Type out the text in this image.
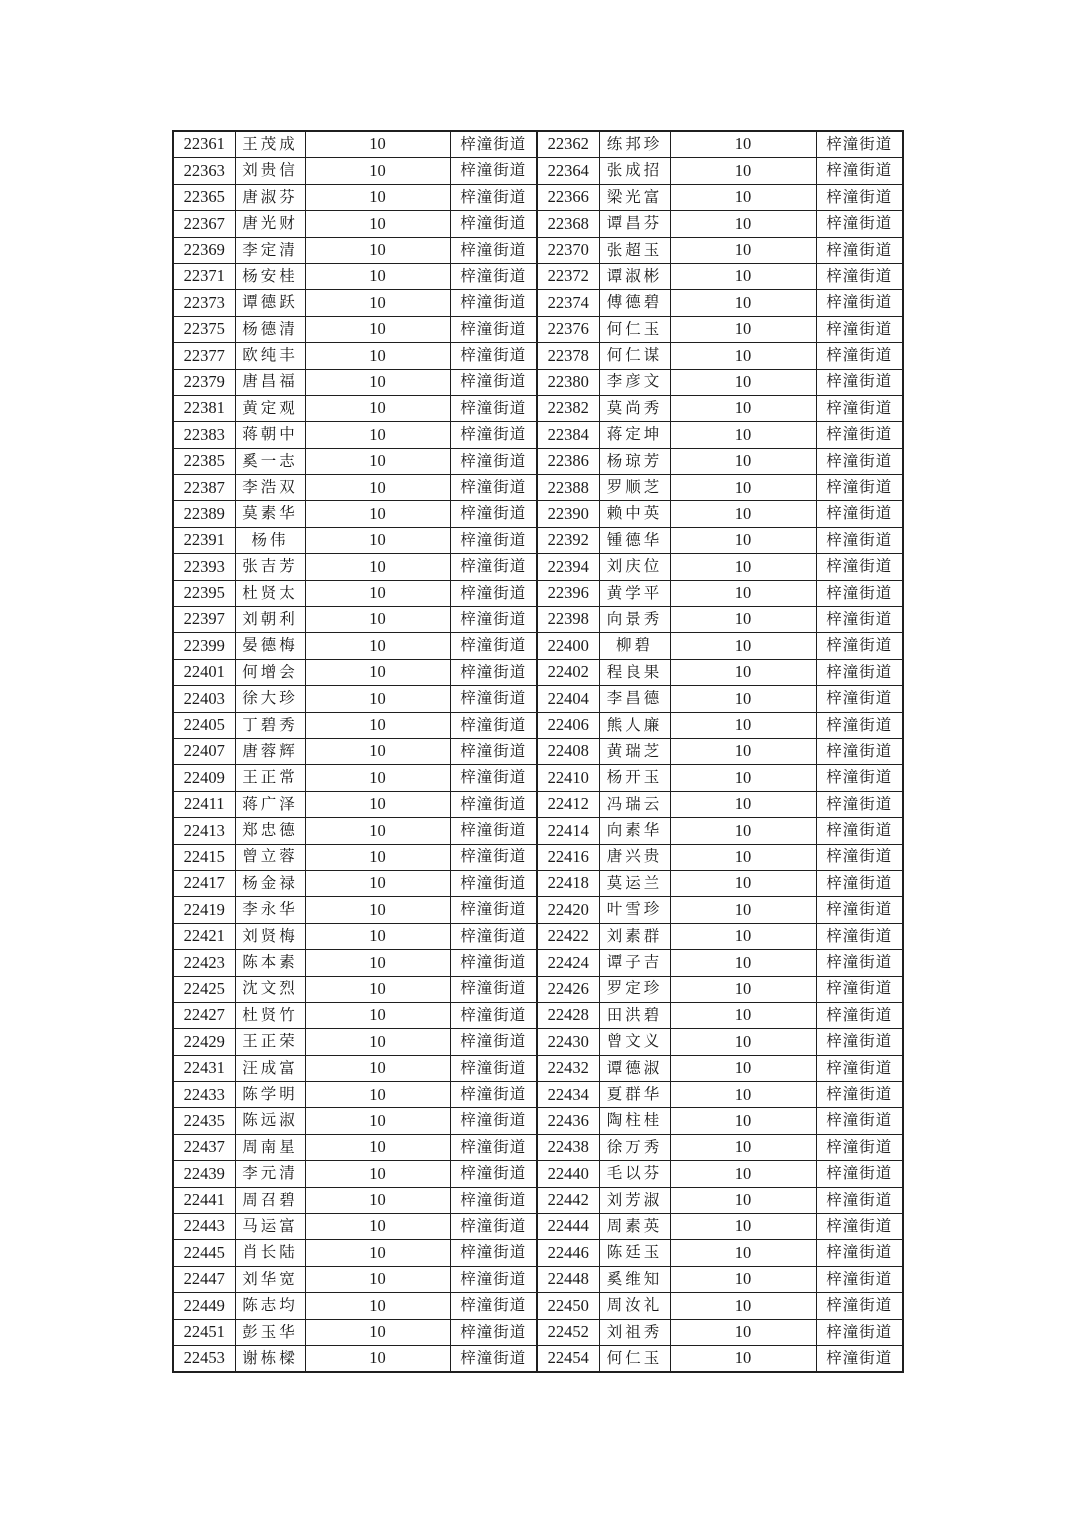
22361	王茂成	10	梓潼街道	22362	练邦珍	10	梓潼街道
22363	刘贵信	10	梓潼街道	22364	张成招	10	梓潼街道
22365	唐淑芬	10	梓潼街道	22366	梁光富	10	梓潼街道
22367	唐光财	10	梓潼街道	22368	谭昌芬	10	梓潼街道
22369	李定清	10	梓潼街道	22370	张超玉	10	梓潼街道
22371	杨安桂	10	梓潼街道	22372	谭淑彬	10	梓潼街道
22373	谭德跃	10	梓潼街道	22374	傅德碧	10	梓潼街道
22375	杨德清	10	梓潼街道	22376	何仁玉	10	梓潼街道
22377	欧纯丰	10	梓潼街道	22378	何仁谋	10	梓潼街道
22379	唐昌福	10	梓潼街道	22380	李彦文	10	梓潼街道
22381	黄定观	10	梓潼街道	22382	莫尚秀	10	梓潼街道
22383	蒋朝中	10	梓潼街道	22384	蒋定坤	10	梓潼街道
22385	奚一志	10	梓潼街道	22386	杨琼芳	10	梓潼街道
22387	李浩双	10	梓潼街道	22388	罗顺芝	10	梓潼街道
22389	莫素华	10	梓潼街道	22390	赖中英	10	梓潼街道
22391	杨伟	10	梓潼街道	22392	锺德华	10	梓潼街道
22393	张吉芳	10	梓潼街道	22394	刘庆位	10	梓潼街道
22395	杜贤太	10	梓潼街道	22396	黄学平	10	梓潼街道
22397	刘朝利	10	梓潼街道	22398	向景秀	10	梓潼街道
22399	晏德梅	10	梓潼街道	22400	柳碧	10	梓潼街道
22401	何增会	10	梓潼街道	22402	程良果	10	梓潼街道
22403	徐大珍	10	梓潼街道	22404	李昌德	10	梓潼街道
22405	丁碧秀	10	梓潼街道	22406	熊人廉	10	梓潼街道
22407	唐蓉辉	10	梓潼街道	22408	黄瑞芝	10	梓潼街道
22409	王正常	10	梓潼街道	22410	杨开玉	10	梓潼街道
22411	蒋广泽	10	梓潼街道	22412	冯瑞云	10	梓潼街道
22413	郑忠德	10	梓潼街道	22414	向素华	10	梓潼街道
22415	曾立蓉	10	梓潼街道	22416	唐兴贵	10	梓潼街道
22417	杨金禄	10	梓潼街道	22418	莫运兰	10	梓潼街道
22419	李永华	10	梓潼街道	22420	叶雪珍	10	梓潼街道
22421	刘贤梅	10	梓潼街道	22422	刘素群	10	梓潼街道
22423	陈本素	10	梓潼街道	22424	谭子吉	10	梓潼街道
22425	沈文烈	10	梓潼街道	22426	罗定珍	10	梓潼街道
22427	杜贤竹	10	梓潼街道	22428	田洪碧	10	梓潼街道
22429	王正荣	10	梓潼街道	22430	曾文义	10	梓潼街道
22431	汪成富	10	梓潼街道	22432	谭德淑	10	梓潼街道
22433	陈学明	10	梓潼街道	22434	夏群华	10	梓潼街道
22435	陈远淑	10	梓潼街道	22436	陶柱桂	10	梓潼街道
22437	周南星	10	梓潼街道	22438	徐万秀	10	梓潼街道
22439	李元清	10	梓潼街道	22440	毛以芬	10	梓潼街道
22441	周召碧	10	梓潼街道	22442	刘芳淑	10	梓潼街道
22443	马运富	10	梓潼街道	22444	周素英	10	梓潼街道
22445	肖长陆	10	梓潼街道	22446	陈廷玉	10	梓潼街道
22447	刘华宽	10	梓潼街道	22448	奚维知	10	梓潼街道
22449	陈志均	10	梓潼街道	22450	周汝礼	10	梓潼街道
22451	彭玉华	10	梓潼街道	22452	刘祖秀	10	梓潼街道
22453	谢栋樑	10	梓潼街道	22454	何仁玉	10	梓潼街道
